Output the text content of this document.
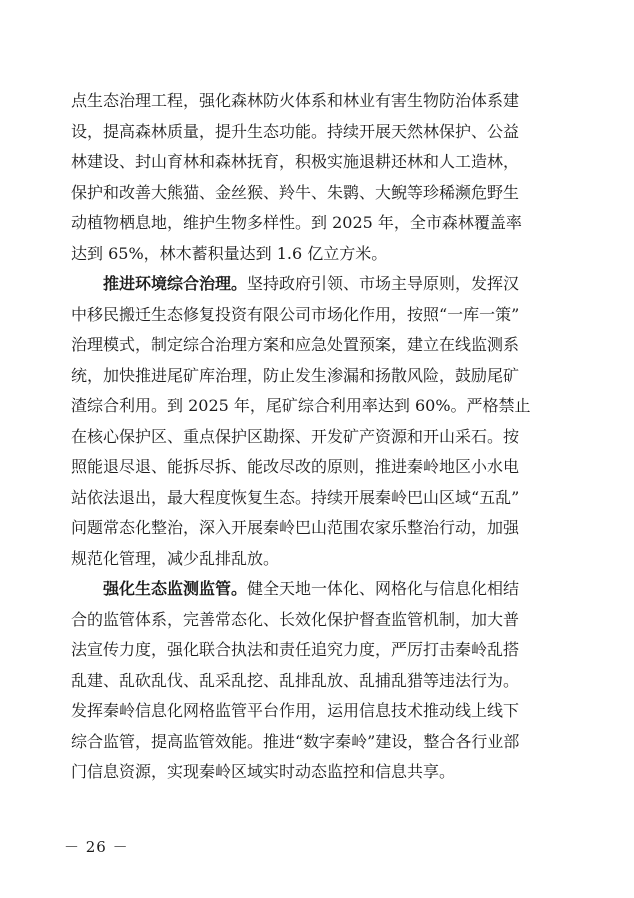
点生态治理工程，强化森林防火体系和林业有害生物防治体系建
设，提高森林质量，提升生态功能。持续开展天然林保护、公益
林建设、封山育林和森林抚育，积极实施退耕还林和人工造林，
保护和改善大熊猫、金丝猴、羚牛、朱鹮、大鲵等珍稀濒危野生
动植物栖息地，维护生物多样性。到 2025 年，全市森林覆盖率
达到 65%，林木蓄积量达到 1.6 亿立方米。
推进环境综合治理。坚持政府引领、市场主导原则，发挥汉
中移民搬迁生态修复投资有限公司市场化作用，按照“一库一策”
治理模式，制定综合治理方案和应急处置预案，建立在线监测系
统，加快推进尾矿库治理，防止发生渗漏和扬散风险，鼓励尾矿
渣综合利用。到 2025 年，尾矿综合利用率达到 60%。严格禁止
在核心保护区、重点保护区勘探、开发矿产资源和开山采石。按
照能退尽退、能拆尽拆、能改尽改的原则，推进秦岭地区小水电
站依法退出，最大程度恢复生态。持续开展秦岭巴山区域“五乱”
问题常态化整治，深入开展秦岭巴山范围农家乐整治行动，加强
规范化管理，减少乱排乱放。
强化生态监测监管。健全天地一体化、网格化与信息化相结
合的监管体系，完善常态化、长效化保护督查监管机制，加大普
法宣传力度，强化联合执法和责任追究力度，严厉打击秦岭乱搭
乱建、乱砍乱伐、乱采乱挖、乱排乱放、乱捕乱猎等违法行为。
发挥秦岭信息化网格监管平台作用，运用信息技术推动线上线下
综合监管，提高监管效能。推进“数字秦岭”建设，整合各行业部
门信息资源，实现秦岭区域实时动态监控和信息共享。
－ 26 －
